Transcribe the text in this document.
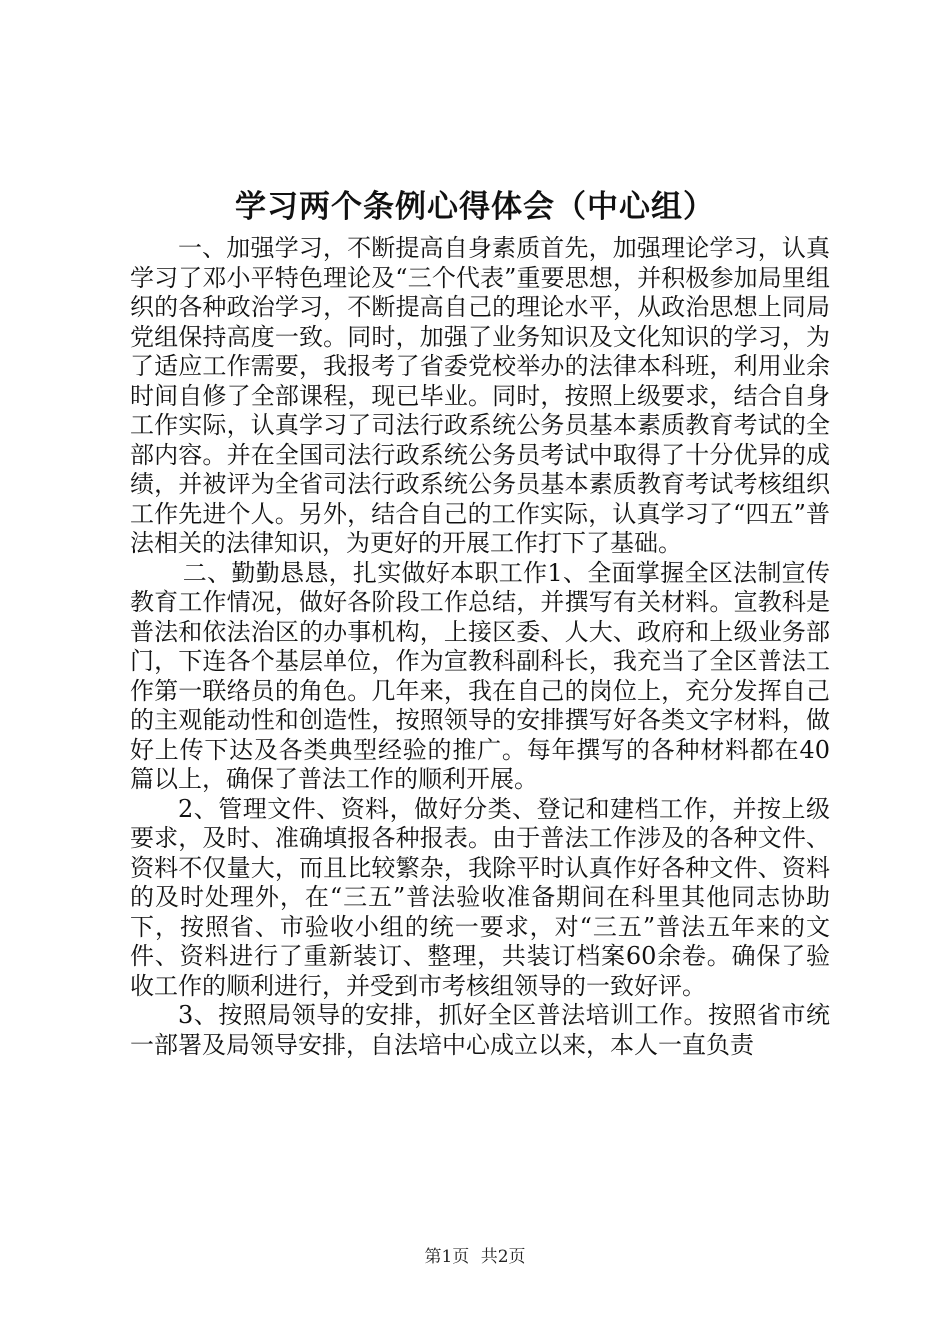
学习两个条例心得体会（中心组）

一、加强学习，不断提高自身素质首先，加强理论学习，认真学习了邓小平特色理论及“三个代表”重要思想，并积极参加局里组织的各种政治学习，不断提高自己的理论水平，从政治思想上同局党组保持高度一致。同时，加强了业务知识及文化知识的学习，为了适应工作需要，我报考了省委党校举办的法律本科班，利用业余时间自修了全部课程，现已毕业。同时，按照上级要求，结合自身工作实际，认真学习了司法行政系统公务员基本素质教育考试的全部内容。并在全国司法行政系统公务员考试中取得了十分优异的成绩，并被评为全省司法行政系统公务员基本素质教育考试考核组织工作先进个人。另外，结合自己的工作实际，认真学习了“四五”普法相关的法律知识，为更好的开展工作打下了基础。

二、勤勤恳恳，扎实做好本职工作1、全面掌握全区法制宣传教育工作情况，做好各阶段工作总结，并撰写有关材料。宣教科是普法和依法治区的办事机构，上接区委、人大、政府和上级业务部门，下连各个基层单位，作为宣教科副科长，我充当了全区普法工作第一联络员的角色。几年来，我在自己的岗位上，充分发挥自己的主观能动性和创造性，按照领导的安排撰写好各类文字材料，做好上传下达及各类典型经验的推广。每年撰写的各种材料都在40篇以上，确保了普法工作的顺利开展。

2、管理文件、资料，做好分类、登记和建档工作，并按上级要求，及时、准确填报各种报表。由于普法工作涉及的各种文件、资料不仅量大，而且比较繁杂，我除平时认真作好各种文件、资料的及时处理外，在“三五”普法验收准备期间在科里其他同志协助下，按照省、市验收小组的统一要求，对“三五”普法五年来的文件、资料进行了重新装订、整理，共装订档案60余卷。确保了验收工作的顺利进行，并受到市考核组领导的一致好评。

3、按照局领导的安排，抓好全区普法培训工作。按照省市统一部署及局领导安排，自法培中心成立以来，本人一直负责

第1页 共2页
